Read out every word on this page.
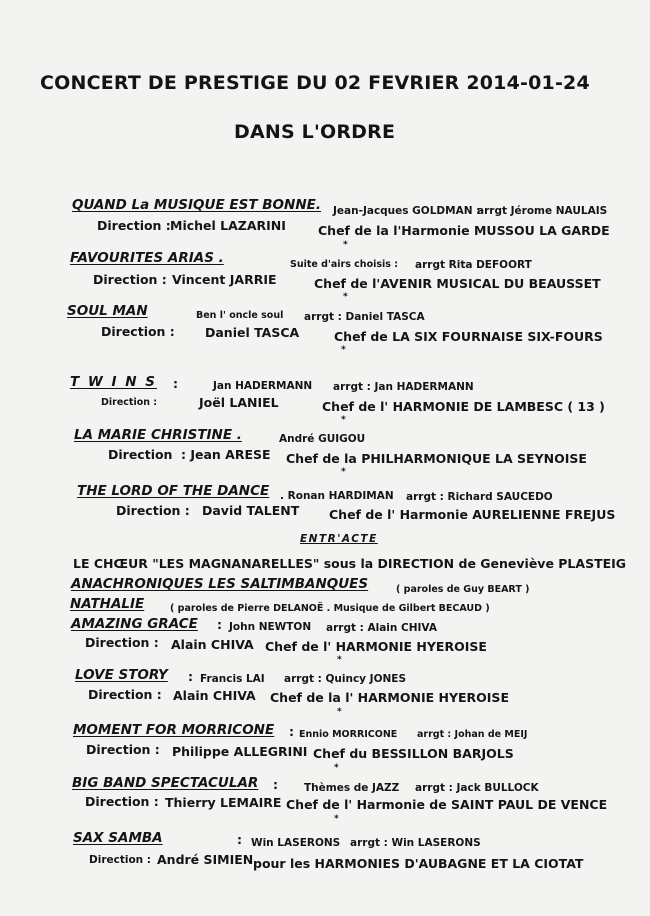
CONCERT DE PRESTIGE DU 02 FEVRIER 2014-01-24
DANS L'ORDRE
QUAND La MUSIQUE EST BONNE. Jean-Jacques GOLDMAN :
arrgt Jérome NAULAIS
Direction : Michel LAZARINI	Chef de la l'Harmonie MUSSOU LA GARDE
*
FAVOURITES ARIAS .	Suite d'airs choisis : arrgt Rita DEFOORT
Direction : Vincent JARRIE	Chef de l'AVENIR MUSICAL DU BEAUSSET
*
SOUL MAN	Ben l' oncle soul arrgt : Daniel TASCA
Direction : Daniel TASCA	Chef de LA SIX FOURNAISE SIX-FOURS
*
T W I N S :	Jan HADERMANN arrgt : Jan HADERMANN
Direction :	Joël LANIEL	Chef de l' HARMONIE DE LAMBESC ( 13 )
*
LA MARIE CHRISTINE .	André GUIGOU
Direction : Jean ARESE Chef de la PHILHARMONIQUE LA SEYNOISE
*
THE LORD OF THE DANCE . Ronan HARDIMAN arrgt : Richard SAUCEDO
Direction : David TALENT Chef de l' Harmonie AURELIENNE FREJUS
ENTR'ACTE
LE CHŒUR "LES MAGNANARELLES" sous la DIRECTION de Geneviève PLASTEIG
ANACHRONIQUES LES SALTIMBANQUES	( paroles de Guy BEART )
NATHALIE	( paroles de Pierre DELANOË . Musique de Gilbert BECAUD )
AMAZING GRACE : John NEWTON arrgt : Alain CHIVA
Direction : Alain CHIVA Chef de l' HARMONIE HYEROISE
*
LOVE STORY : Francis LAI arrgt : Quincy JONES
Direction : Alain CHIVA Chef de la l' HARMONIE HYEROISE
*
MOMENT FOR MORRICONE : Ennio MORRICONE arrgt : Johan de MEIJ
Direction : Philippe ALLEGRINI Chef du BESSILLON BARJOLS
*
BIG BAND SPECTACULAR : Thèmes de JAZZ arrgt : Jack BULLOCK
Direction : Thierry LEMAIRE Chef de l' Harmonie de SAINT PAUL DE VENCE
*
SAX SAMBA	: Win LASERONS arrgt : Win LASERONS
Direction : André SIMIEN pour les HARMONIES D'AUBAGNE ET LA CIOTAT
